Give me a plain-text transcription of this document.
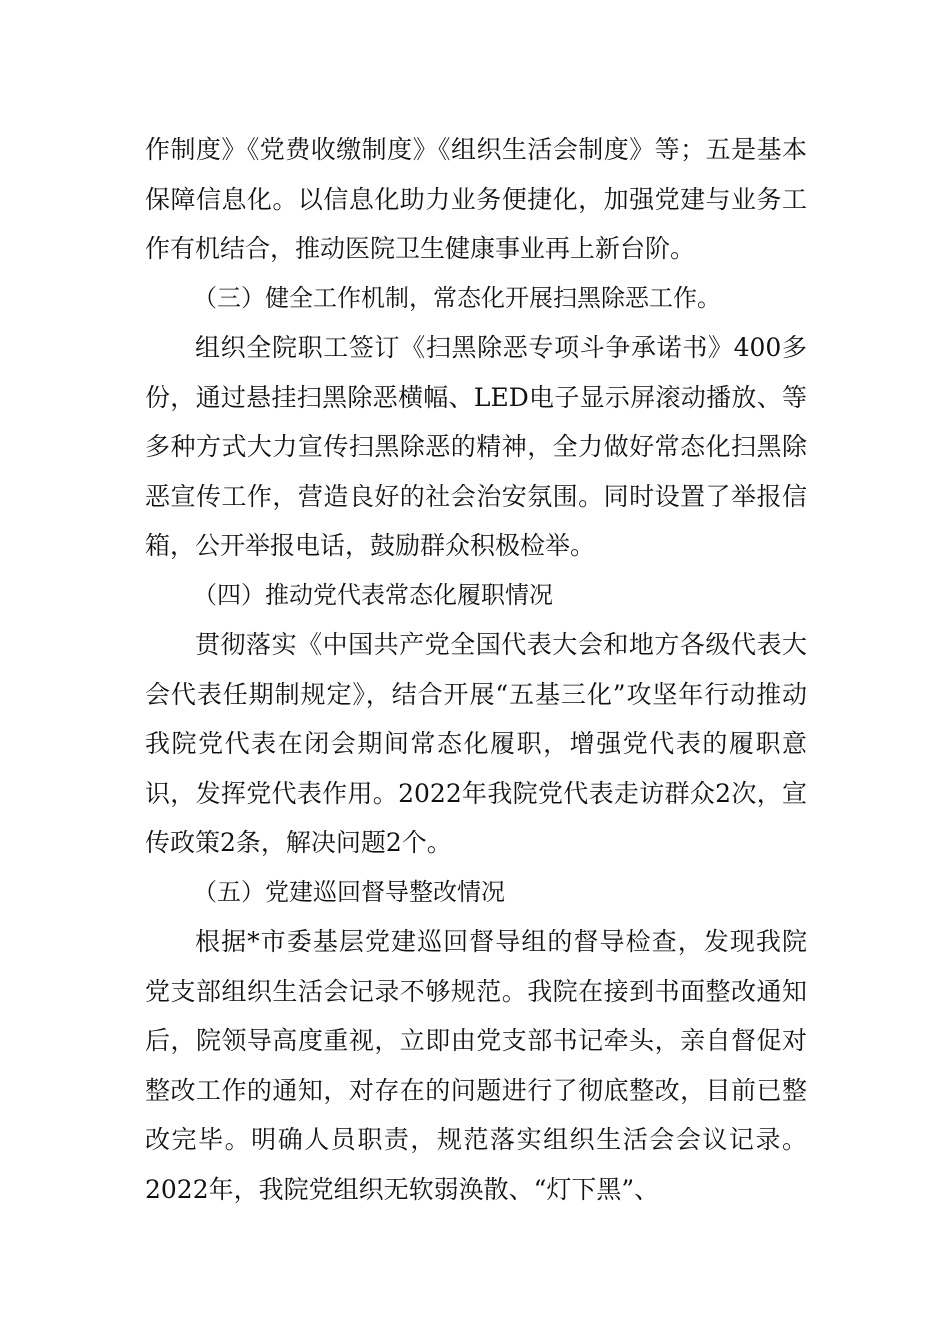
作制度》《党费收缴制度》《组织生活会制度》等；五是基本保障信息化。以信息化助力业务便捷化，加强党建与业务工作有机结合，推动医院卫生健康事业再上新台阶。

（三）健全工作机制，常态化开展扫黑除恶工作。

组织全院职工签订《扫黑除恶专项斗争承诺书》400多份，通过悬挂扫黑除恶横幅、LED电子显示屏滚动播放、等多种方式大力宣传扫黑除恶的精神，全力做好常态化扫黑除恶宣传工作，营造良好的社会治安氛围。同时设置了举报信箱，公开举报电话，鼓励群众积极检举。

（四）推动党代表常态化履职情况

贯彻落实《中国共产党全国代表大会和地方各级代表大会代表任期制规定》，结合开展“五基三化”攻坚年行动推动我院党代表在闭会期间常态化履职，增强党代表的履职意识，发挥党代表作用。2022年我院党代表走访群众2次，宣传政策2条，解决问题2个。

（五）党建巡回督导整改情况

根据*市委基层党建巡回督导组的督导检查，发现我院党支部组织生活会记录不够规范。我院在接到书面整改通知后，院领导高度重视，立即由党支部书记牵头，亲自督促对整改工作的通知，对存在的问题进行了彻底整改，目前已整改完毕。明确人员职责，规范落实组织生活会会议记录。2022年，我院党组织无软弱涣散、“灯下黑”、
